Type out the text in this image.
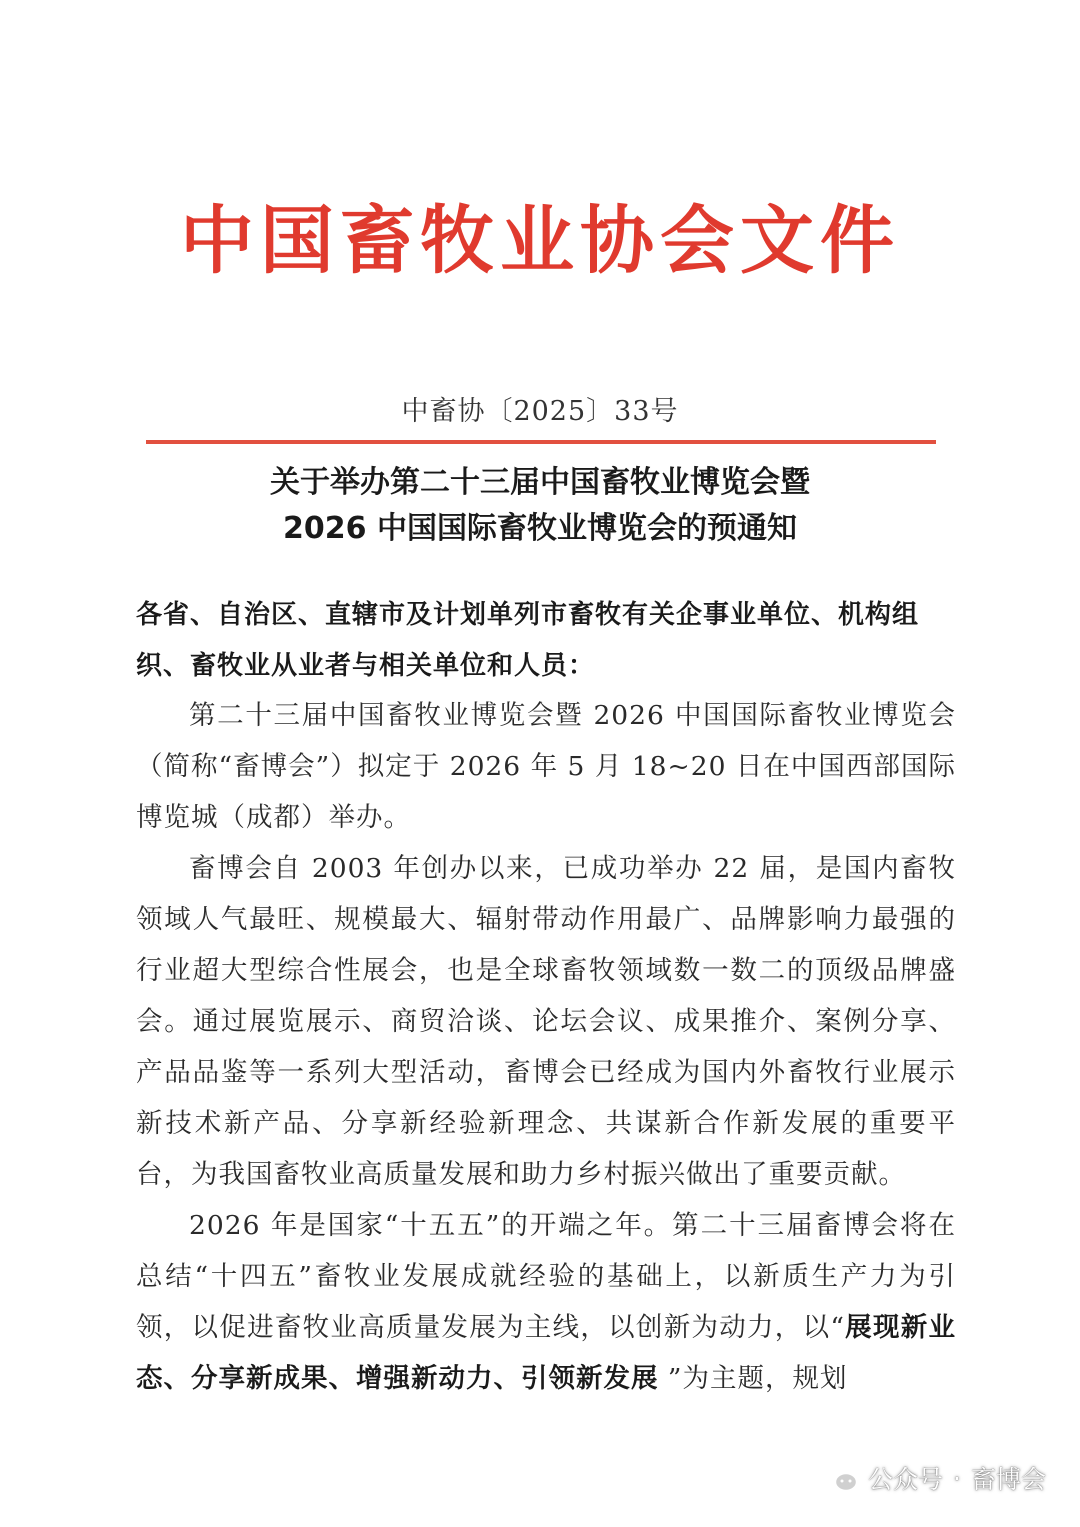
中国畜牧业协会文件
中畜协〔2025〕33号
关于举办第二十三届中国畜牧业博览会暨
2026 中国国际畜牧业博览会的预通知
各省、自治区、直辖市及计划单列市畜牧有关企事业单位、机构组织、畜牧业从业者与相关单位和人员：

第二十三届中国畜牧业博览会暨 2026 中国国际畜牧业博览会（简称“畜博会”）拟定于 2026 年 5 月 18~20 日在中国西部国际博览城（成都）举办。

畜博会自 2003 年创办以来，已成功举办 22 届，是国内畜牧领域人气最旺、规模最大、辐射带动作用最广、品牌影响力最强的行业超大型综合性展会，也是全球畜牧领域数一数二的顶级品牌盛会。通过展览展示、商贸洽谈、论坛会议、成果推介、案例分享、产品品鉴等一系列大型活动，畜博会已经成为国内外畜牧行业展示新技术新产品、分享新经验新理念、共谋新合作新发展的重要平台，为我国畜牧业高质量发展和助力乡村振兴做出了重要贡献。

2026 年是国家“十五五”的开端之年。第二十三届畜博会将在总结“十四五”畜牧业发展成就经验的基础上，以新质生产力为引领，以促进畜牧业高质量发展为主线，以创新为动力，以“展现新业态、分享新成果、增强新动力、引领新发展 ”为主题，规划

公众号 · 畜博会
